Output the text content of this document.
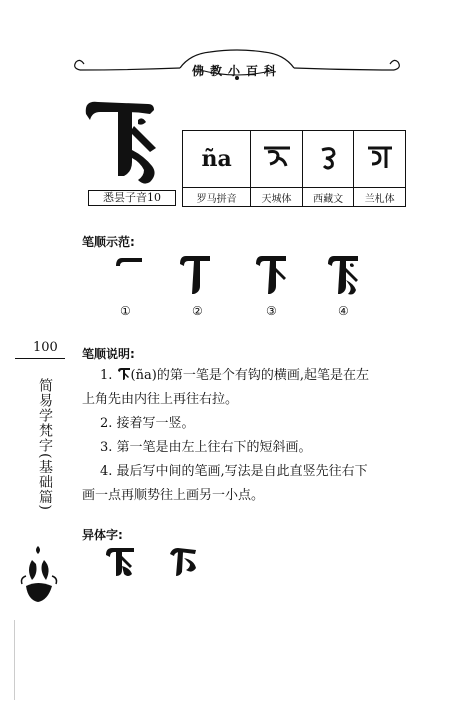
佛教小百科
悉昙子音10
ña			
罗马拼音	天城体	西藏文	兰札体
笔顺示范:
①	②	③	④
100
简易学梵字(基础篇)
笔顺说明:
1. (ña)的第一笔是个有钩的横画,起笔是在左
上角先由内往上再往右拉。
2. 接着写一竖。
3. 第一笔是由左上往右下的短斜画。
4. 最后写中间的笔画,写法是自此直竖先往右下
画一点再顺势往上画另一小点。
异体字:
